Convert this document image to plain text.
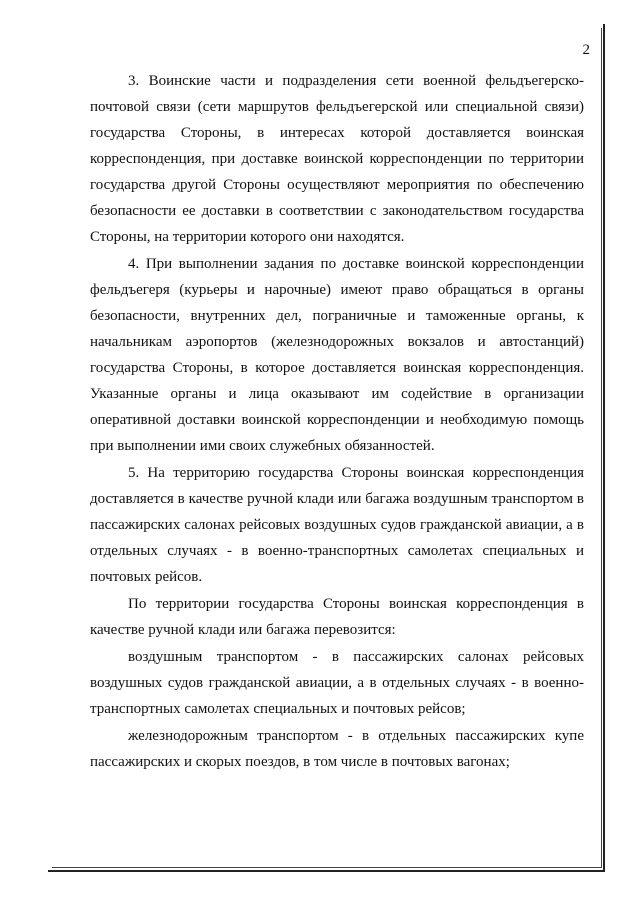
2

3. Воинские части и подразделения сети военной фельдъегерско-почтовой связи (сети маршрутов фельдъегерской или специальной связи) государства Стороны, в интересах которой доставляется воинская корреспонденция, при доставке воинской корреспонденции по территории государства другой Стороны осуществляют мероприятия по обеспечению безопасности ее доставки в соответствии с законодательством государства Стороны, на территории которого они находятся.

4. При выполнении задания по доставке воинской корреспонденции фельдъегеря (курьеры и нарочные) имеют право обращаться в органы безопасности, внутренних дел, пограничные и таможенные органы, к начальникам аэропортов (железнодорожных вокзалов и автостанций) государства Стороны, в которое доставляется воинская корреспонденция. Указанные органы и лица оказывают им содействие в организации оперативной доставки воинской корреспонденции и необходимую помощь при выполнении ими своих служебных обязанностей.

5. На территорию государства Стороны воинская корреспонденция доставляется в качестве ручной клади или багажа воздушным транспортом в пассажирских салонах рейсовых воздушных судов гражданской авиации, а в отдельных случаях - в военно-транспортных самолетах специальных и почтовых рейсов.

По территории государства Стороны воинская корреспонденция в качестве ручной клади или багажа перевозится:

воздушным транспортом - в пассажирских салонах рейсовых воздушных судов гражданской авиации, а в отдельных случаях - в военно-транспортных самолетах специальных и почтовых рейсов;

железнодорожным транспортом - в отдельных пассажирских купе пассажирских и скорых поездов, в том числе в почтовых вагонах;
